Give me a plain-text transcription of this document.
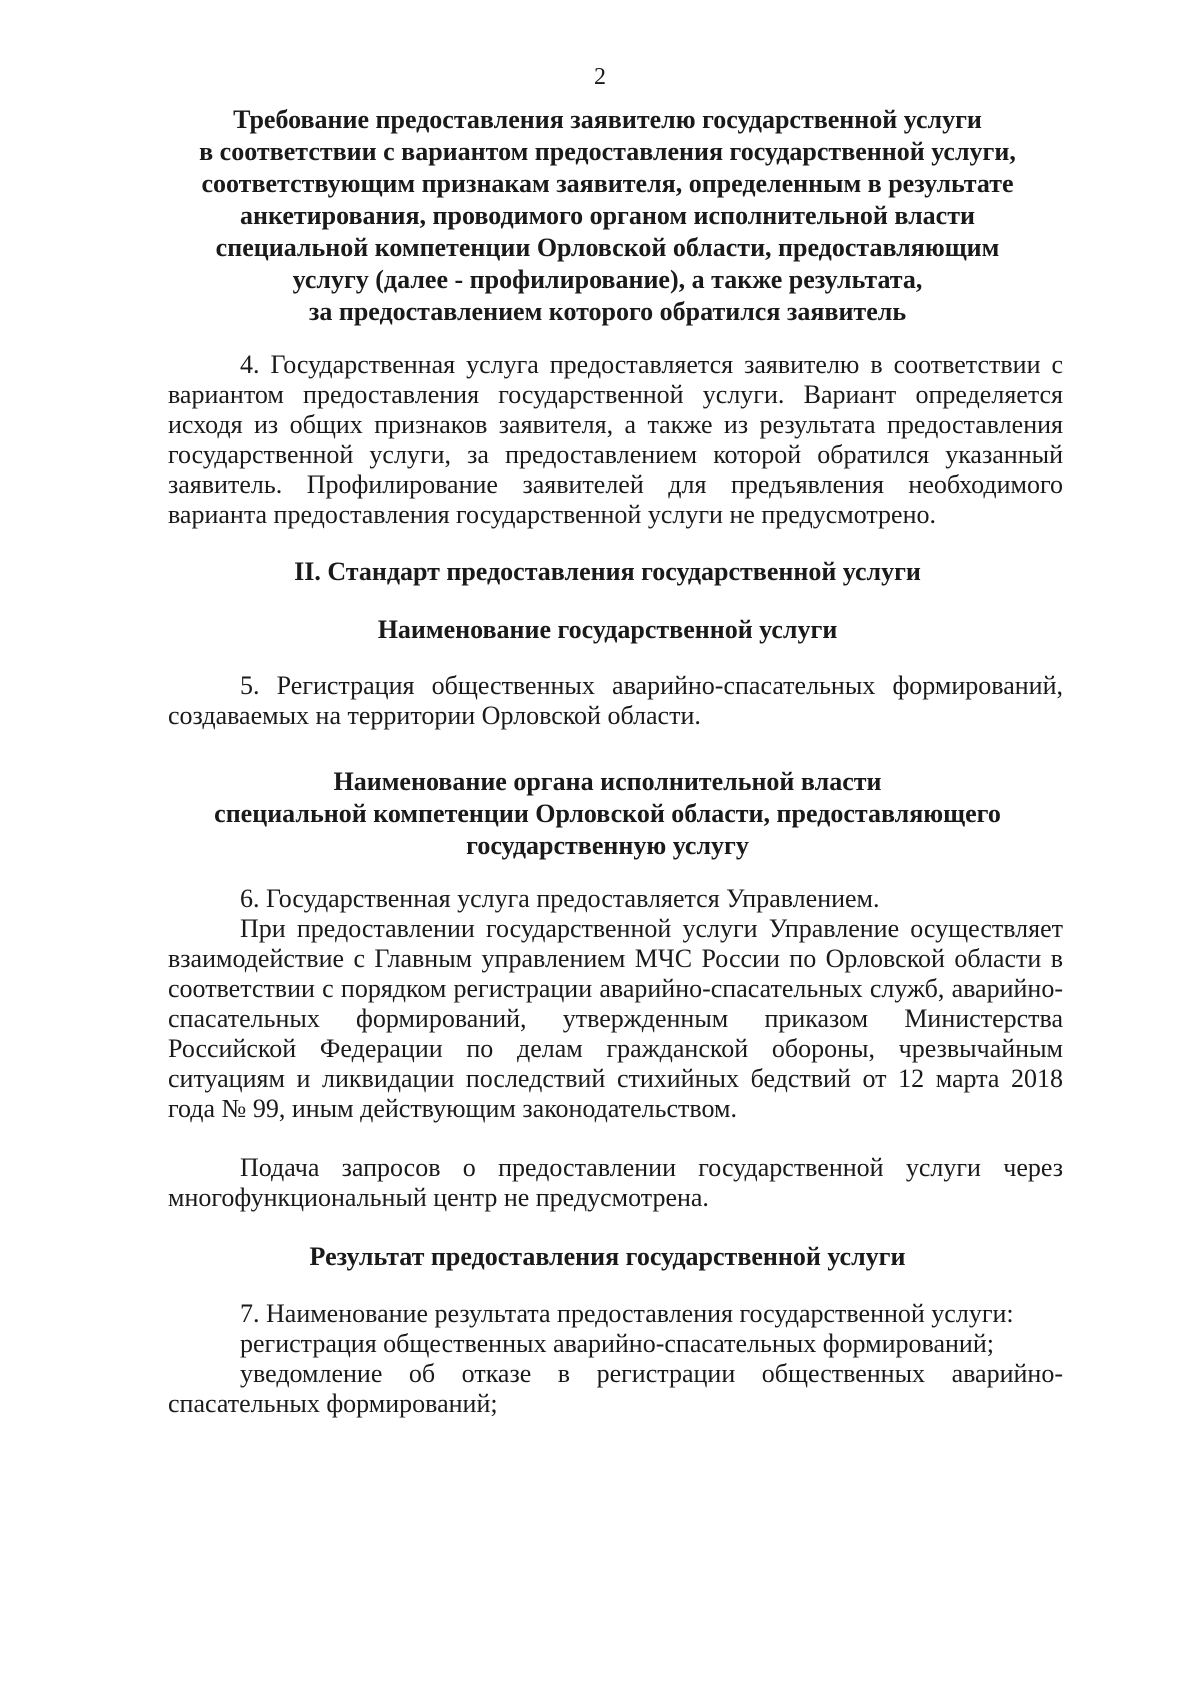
2
Требование предоставления заявителю государственной услуги
в соответствии с вариантом предоставления государственной услуги,
соответствующим признакам заявителя, определенным в результате
анкетирования, проводимого органом исполнительной власти
специальной компетенции Орловской области, предоставляющим
услугу (далее - профилирование), а также результата,
за предоставлением которого обратился заявитель
4. Государственная услуга предоставляется заявителю в соответствии с вариантом предоставления государственной услуги. Вариант определяется исходя из общих признаков заявителя, а также из результата предоставления государственной услуги, за предоставлением которой обратился указанный заявитель. Профилирование заявителей для предъявления необходимого варианта предоставления государственной услуги не предусмотрено.
II. Стандарт предоставления государственной услуги
Наименование государственной услуги
5. Регистрация общественных аварийно-спасательных формирований, создаваемых на территории Орловской области.
Наименование органа исполнительной власти
специальной компетенции Орловской области, предоставляющего
государственную услугу
6. Государственная услуга предоставляется Управлением.
При предоставлении государственной услуги Управление осуществляет взаимодействие с Главным управлением МЧС России по Орловской области в соответствии с порядком регистрации аварийно-спасательных служб, аварийно-спасательных формирований, утвержденным приказом Министерства Российской Федерации по делам гражданской обороны, чрезвычайным ситуациям и ликвидации последствий стихийных бедствий от 12 марта 2018 года № 99, иным действующим законодательством.
Подача запросов о предоставлении государственной услуги через многофункциональный центр не предусмотрена.
Результат предоставления государственной услуги
7. Наименование результата предоставления государственной услуги:
регистрация общественных аварийно-спасательных формирований;
уведомление об отказе в регистрации общественных аварийно-спасательных формирований;
